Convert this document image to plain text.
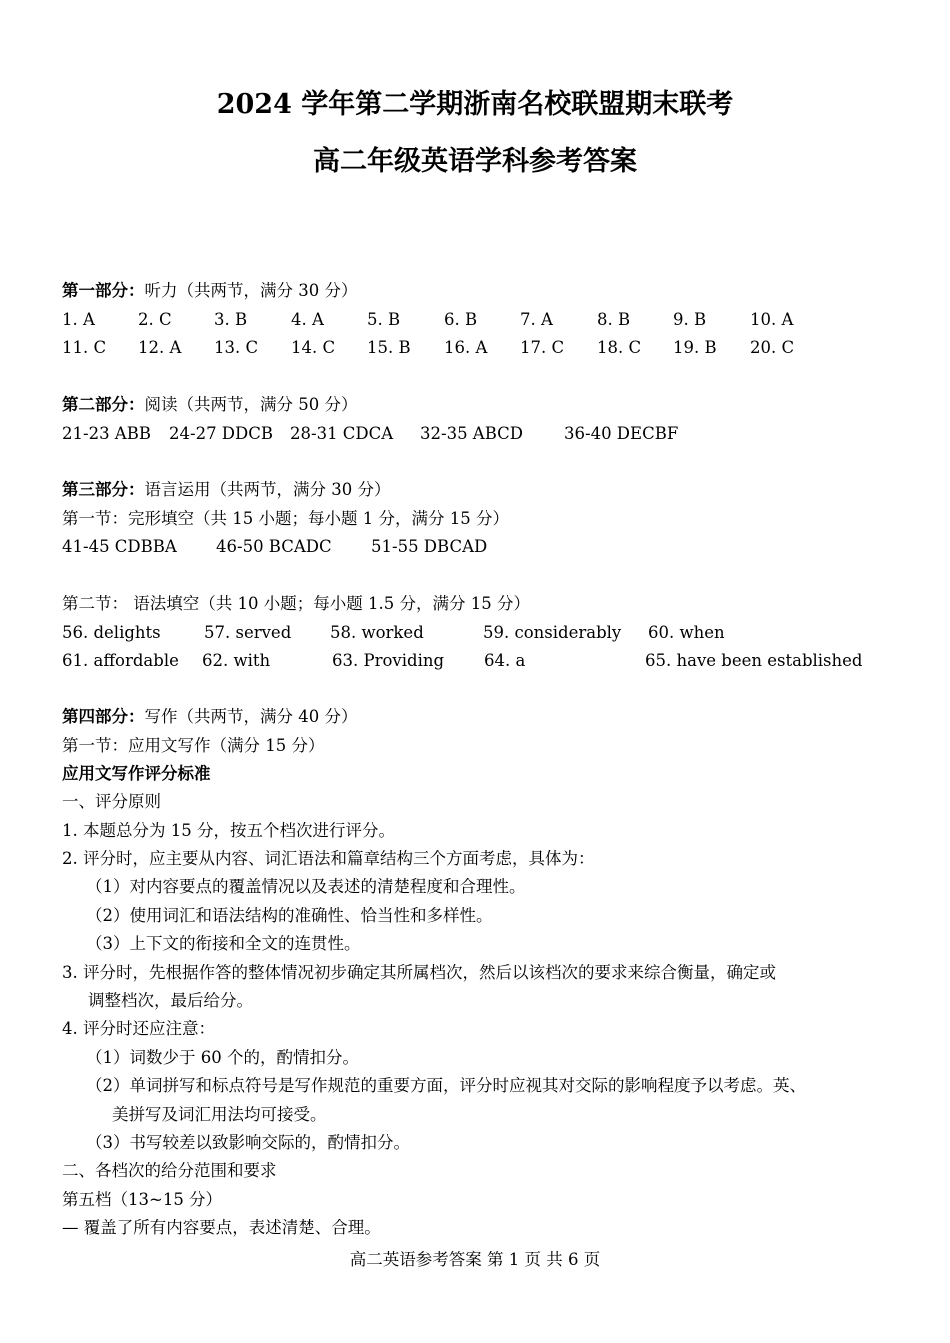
2024 学年第二学期浙南名校联盟期末联考
高二年级英语学科参考答案
第一部分：听力（共两节，满分 30 分）
1. A	2. C	3. B	4. A	5. B	6. B	7. A	8. B	9. B	10. A
11. C 12. A 13. C 14. C 15. B 16. A 17. C 18. C 19. B 20. C
第二部分：阅读（共两节，满分 50 分）
21-23 ABB 24-27 DDCB 28-31 CDCA 32-35 ABCD 36-40 DECBF
第三部分：语言运用（共两节，满分 30 分）
第一节：完形填空（共 15 小题；每小题 1 分，满分 15 分）
41-45 CDBBA 46-50 BCADC 51-55 DBCAD
第二节： 语法填空（共 10 小题；每小题 1.5 分，满分 15 分）
56. delights	57. served 58. worked	59. considerably 60. when
61. affordable 62. with	63. Providing 64. a	65. have been established
第四部分：写作（共两节，满分 40 分）
第一节：应用文写作（满分 15 分）
应用文写作评分标准
一、评分原则
1. 本题总分为 15 分，按五个档次进行评分。
2. 评分时，应主要从内容、词汇语法和篇章结构三个方面考虑，具体为：
（1）对内容要点的覆盖情况以及表述的清楚程度和合理性。
（2）使用词汇和语法结构的准确性、恰当性和多样性。
（3）上下文的衔接和全文的连贯性。
3. 评分时，先根据作答的整体情况初步确定其所属档次，然后以该档次的要求来综合衡量，确定或
调整档次，最后给分。
4. 评分时还应注意：
（1）词数少于 60 个的，酌情扣分。
（2）单词拼写和标点符号是写作规范的重要方面，评分时应视其对交际的影响程度予以考虑。英、
美拼写及词汇用法均可接受。
（3）书写较差以致影响交际的，酌情扣分。
二、各档次的给分范围和要求
第五档（13~15 分）
— 覆盖了所有内容要点，表述清楚、合理。
高二英语参考答案 第 1 页 共 6 页
